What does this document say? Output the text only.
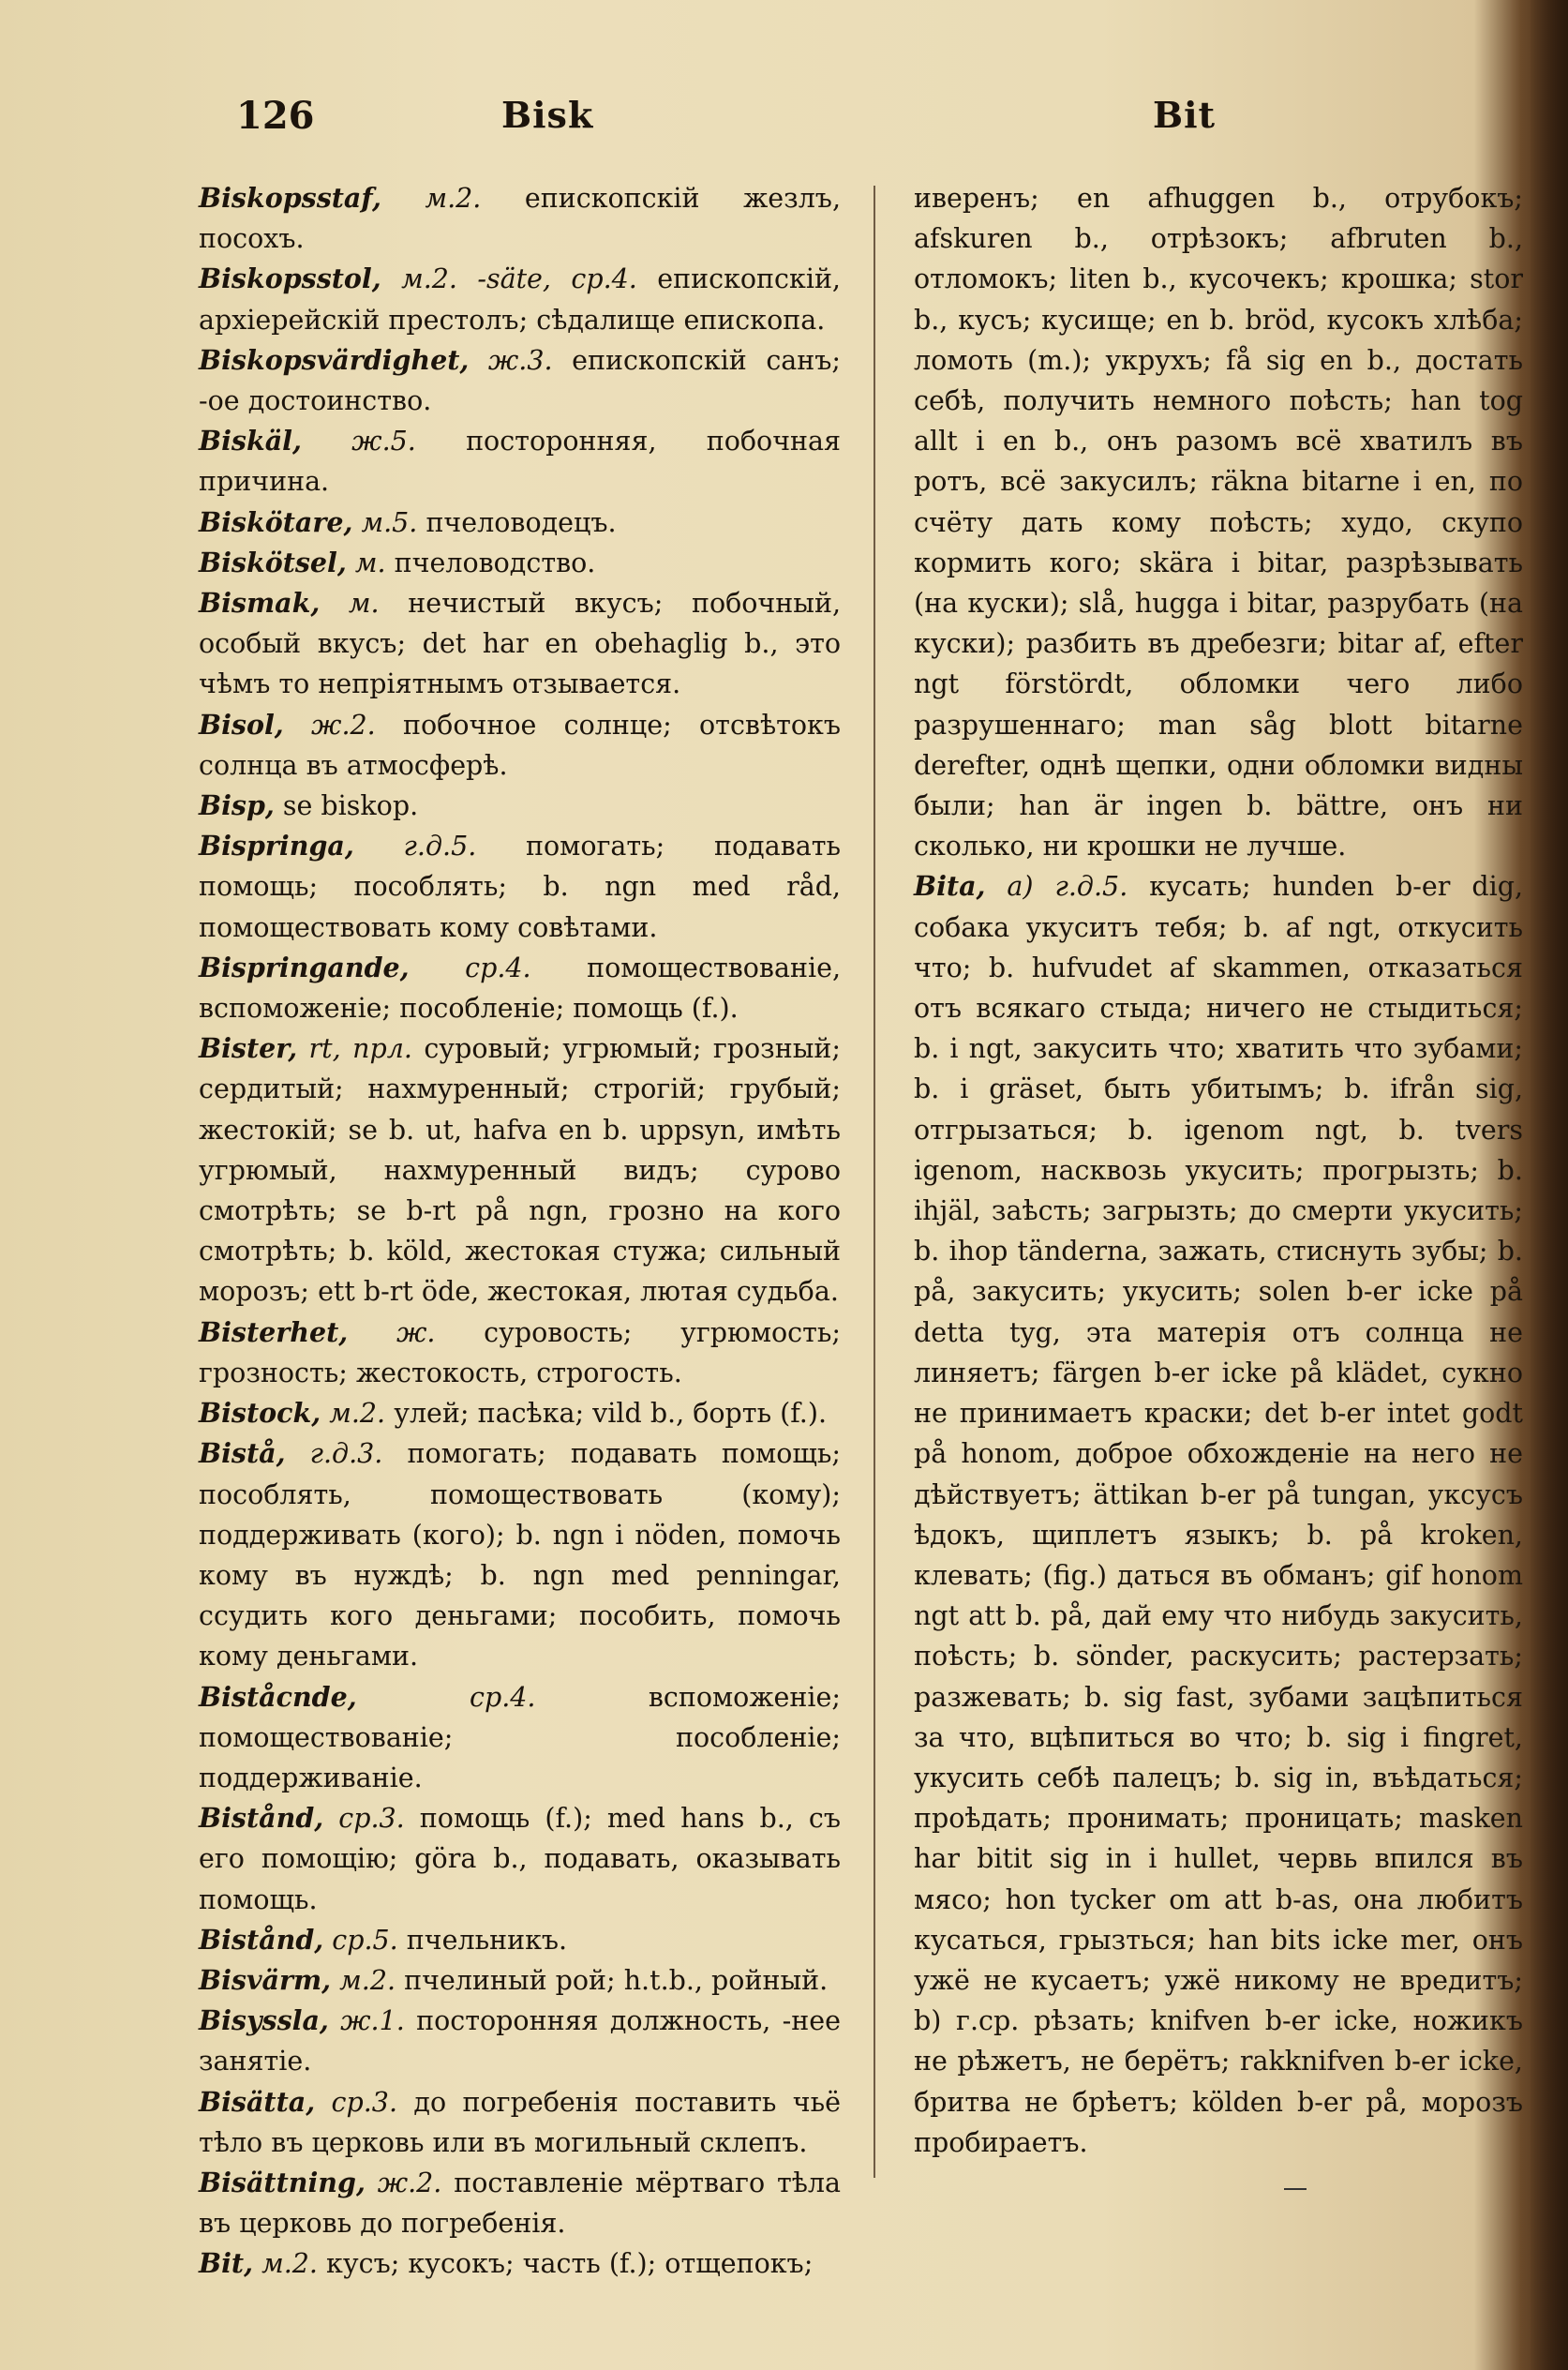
126	Bisk	Bit

Biskopsstaf, м.2. епископскій жезлъ, посохъ.

Biskopsstol, м.2. -säte, ср.4. епископскій, архіерейскій престолъ; сѣдалище епископа.

Biskopsvärdighet, ж.3. епископскій санъ; -ое достоинство.

Biskäl, ж.5. посторонняя, побочная причина.

Biskötare, м.5. пчеловодецъ.

Biskötsel, м. пчеловодство.

Bismak, м. нечистый вкусъ; побочный, особый вкусъ; det har en obehaglig b., это чѣмъ то непріятнымъ отзывается.

Bisol, ж.2. побочное солнце; отсвѣтокъ солнца въ атмосферѣ.

Bisp, se biskop.

Bispringa, г.д.5. помогать; подавать помощь; пособлять; b. ngn med råd, помоществовать кому совѣтами.

Bispringande, ср.4. помоществованіе, вспоможеніе; пособленіе; помощь (f.).

Bister, rt, прл. суровый; угрюмый; грозный; сердитый; нахмуренный; строгій; грубый; жестокій; se b. ut, hafva en b. uppsyn, имѣть угрюмый, нахмуренный видъ; сурово смотрѣть; se b-rt på ngn, грозно на кого смотрѣть; b. köld, жестокая стужа; сильный морозъ; ett b-rt öde, жестокая, лютая судьба.

Bisterhet, ж. суровость; угрюмость; грозность; жестокость, строгость.

Bistock, м.2. улей; пасѣка; vild b., борть (f.).

Bistå, г.д.3. помогать; подавать помощь; пособлять, помоществовать (кому); поддерживать (кого); b. ngn i nöden, помочь кому въ нуждѣ; b. ngn med penningar, ссудить кого деньгами; пособить, помочь кому деньгами.

Biståcnde,	ср.4.	вспоможеніе; помоществованіе; пособленіе; поддерживаніе.

Bistånd, ср.3. помощь (f.); med hans b., съ его помощію; göra b., подавать, оказывать помощь.

Bistånd, ср.5. пчельникъ.

Bisvärm, м.2. пчелиный рой; h.t.b., ройный.

Bisyssla, ж.1. посторонняя должность, -нее занятіе.

Bisätta, ср.3. до погребенія поставить чьё тѣло въ церковь или въ могильный склепъ.

Bisättning, ж.2. поставленіе мёртваго тѣла въ церковь до погребенія.

Bit, м.2. кусъ; кусокъ; часть (f.); отщепокъ;

иверенъ; en afhuggen b., отрубокъ; afskuren b., отрѣзокъ; afbruten b., отломокъ; liten b., кусочекъ; крошка; stor b., кусъ; кусище; en b. bröd, кусокъ хлѣба; ломоть (m.); укрухъ; få sig en b., достать себѣ, получить немного поѣсть; han tog allt i en b., онъ разомъ всё хватилъ въ ротъ, всё закусилъ; räkna bitarne i en, по счёту дать кому поѣсть; худо, скупо кормить кого; skära i bitar, разрѣзывать (на куски); slå, hugga i bitar, разрубать (на куски); разбить въ дребезги; bitar af, efter ngt förstördt, обломки чего либо разрушеннаго; man såg blott bitarne derefter, однѣ щепки, одни обломки видны были; han är ingen b. bättre, онъ ни сколько, ни крошки не лучше.

Bita, а) г.д.5. кусать; hunden b-er dig, собака укуситъ тебя; b. af ngt, откусить что; b. hufvudet af skammen, отказаться отъ всякаго стыда; ничего не стыдиться; b. i ngt, закусить что; хватить что зубами; b. i gräset, быть убитымъ; b. ifrån sig, отгрызаться; b. igenom ngt, b. tvers igenom, насквозь укусить; прогрызть; b. ihjäl, заѣсть; загрызть; до смерти укусить; b. ihop tänderna, зажать, стиснуть зубы; b. på, закусить; укусить; solen b-er icke på detta tyg, эта матерія отъ солнца не линяетъ; färgen b-er icke på klädet, сукно не принимаетъ краски; det b-er intet godt på honom, доброе обхожденіе на него не дѣйствуетъ; ättikan b-er på tungan, уксусъ ѣдокъ, щиплетъ языкъ; b. på kroken, клевать; (fig.) даться въ обманъ; gif honom ngt att b. på, дай ему что нибудь закусить, поѣсть; b. sönder, раскусить; растерзать; разжевать; b. sig fast, зубами зацѣпиться за что, вцѣпиться во что; b. sig i fingret, укусить себѣ палецъ; b. sig in, въѣдаться; проѣдать; пронимать; проницать; masken har bitit sig in i hullet, червь впился въ мясо; hon tycker om att b-as, она любитъ кусаться, грызться; han bits icke mer, онъ ужё не кусаетъ; ужё никому не вредитъ; b) г.ср. рѣзать; knifven b-er icke, ножикъ не рѣжетъ, не берётъ; rakknifven b-er icke, бритва не брѣетъ; kölden b-er på, морозъ пробираетъ.
